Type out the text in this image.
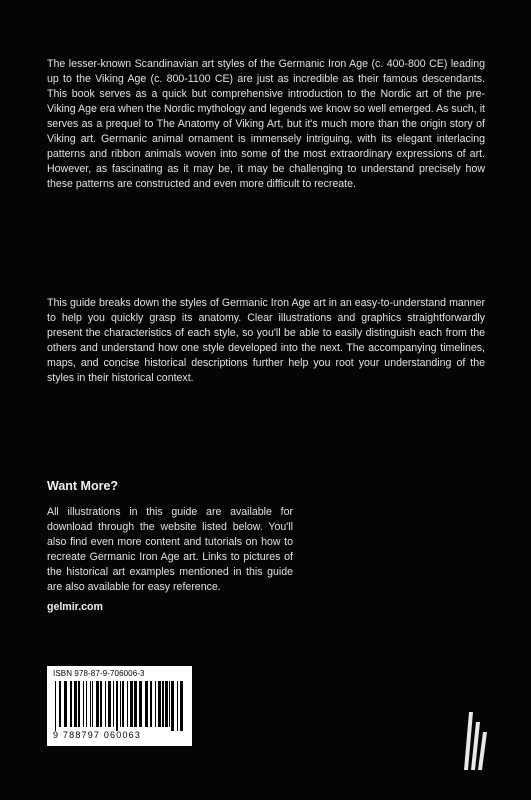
The lesser-known Scandinavian art styles of the Germanic Iron Age (c. 400-800 CE) leading up to the Viking Age (c. 800-1100 CE) are just as incredible as their famous descendants. This book serves as a quick but comprehensive introduction to the Nordic art of the pre-Viking Age era when the Nordic mythology and legends we know so well emerged. As such, it serves as a prequel to The Anatomy of Viking Art, but it's much more than the origin story of Viking art. Germanic animal ornament is immensely intriguing, with its elegant interlacing patterns and ribbon animals woven into some of the most extraordinary expressions of art. However, as fascinating as it may be, it may be challenging to understand precisely how these patterns are constructed and even more difficult to recreate.
This guide breaks down the styles of Germanic Iron Age art in an easy-to-understand manner to help you quickly grasp its anatomy. Clear illustrations and graphics straightforwardly present the characteristics of each style, so you'll be able to easily distinguish each from the others and understand how one style developed into the next. The accompanying timelines, maps, and concise historical descriptions further help you root your understanding of the styles in their historical context.
Want More?
All illustrations in this guide are available for download through the website listed below. You'll also find even more content and tutorials on how to recreate Germanic Iron Age art. Links to pictures of the historical art examples mentioned in this guide are also available for easy reference.
gelmir.com
ISBN 978-87-9-706006-3
9 788797 060063
